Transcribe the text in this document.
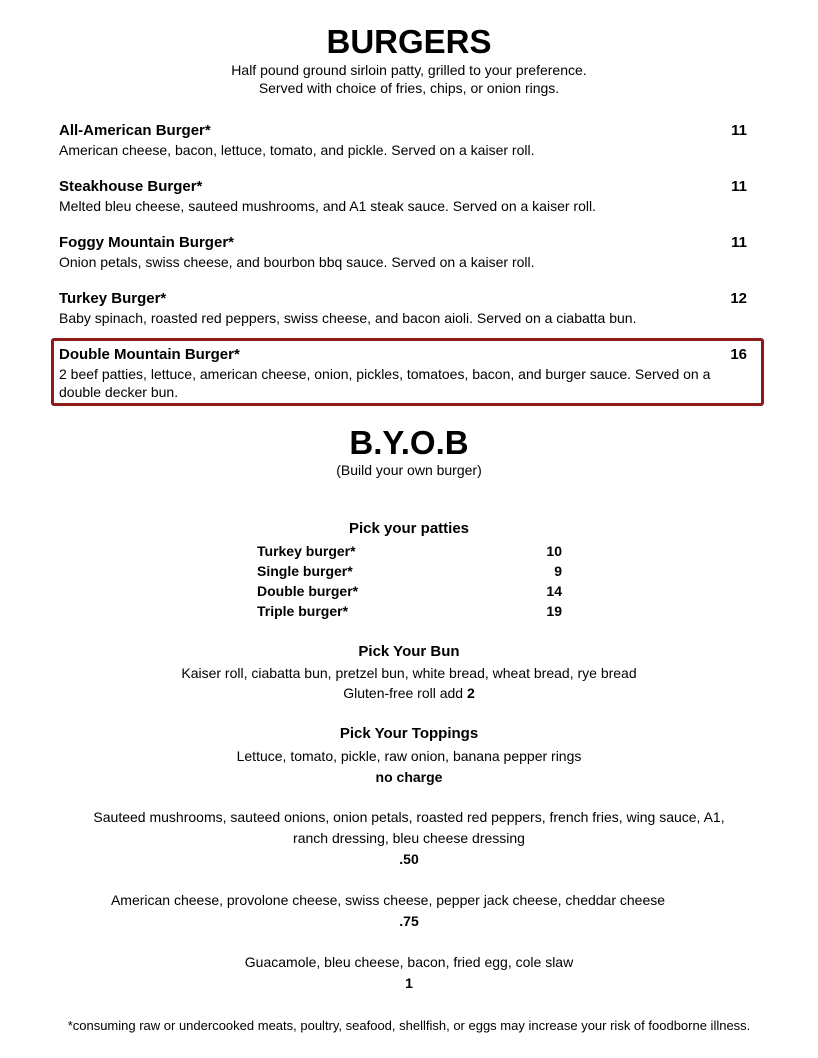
BURGERS
Half pound ground sirloin patty, grilled to your preference.
Served with choice of fries, chips, or onion rings.
All-American Burger*	11
American cheese, bacon, lettuce, tomato, and pickle. Served on a kaiser roll.
Steakhouse Burger*	11
Melted bleu cheese, sauteed mushrooms, and A1 steak sauce. Served on a kaiser roll.
Foggy Mountain Burger*	11
Onion petals, swiss cheese, and bourbon bbq sauce. Served on a kaiser roll.
Turkey Burger*	12
Baby spinach, roasted red peppers, swiss cheese, and bacon aioli. Served on a ciabatta bun.
Double Mountain Burger*	16
2 beef patties, lettuce, american cheese, onion, pickles, tomatoes, bacon, and burger sauce. Served on a double decker bun.
B.Y.O.B
(Build your own burger)
Pick your patties
Turkey burger*	10
Single burger*	9
Double burger*	14
Triple burger*	19
Pick Your Bun
Kaiser roll, ciabatta bun, pretzel bun, white bread, wheat bread, rye bread
Gluten-free roll add 2
Pick Your Toppings
Lettuce, tomato, pickle, raw onion, banana pepper rings
no charge
Sauteed mushrooms, sauteed onions, onion petals, roasted red peppers, french fries, wing sauce, A1,
ranch dressing, bleu cheese dressing
.50
American cheese, provolone cheese, swiss cheese, pepper jack cheese, cheddar cheese
.75
Guacamole, bleu cheese, bacon, fried egg, cole slaw
1
*consuming raw or undercooked meats, poultry, seafood, shellfish, or eggs may increase your risk of foodborne illness.
